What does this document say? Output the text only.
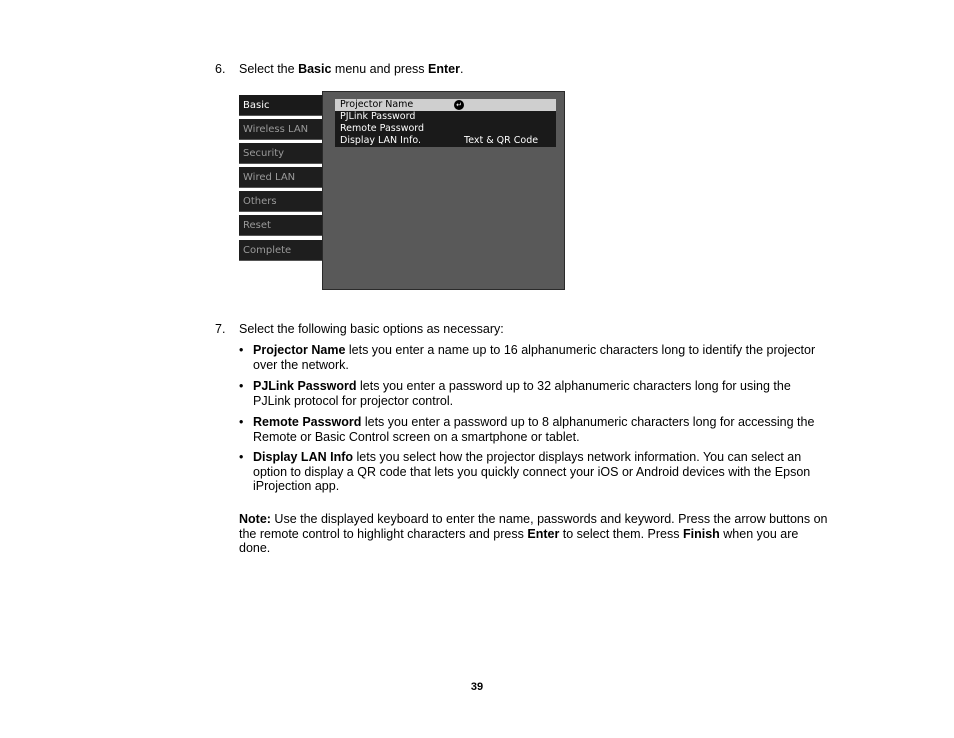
6. Select the Basic menu and press Enter.
Basic
Wireless LAN
Security
Wired LAN
Others
Reset
Complete
Projector Name	↵
PJLink Password
Remote Password
Display LAN Info.	Text & QR Code
7. Select the following basic options as necessary:
• Projector Name lets you enter a name up to 16 alphanumeric characters long to identify the projector over the network.
• PJLink Password lets you enter a password up to 32 alphanumeric characters long for using the PJLink protocol for projector control.
• Remote Password lets you enter a password up to 8 alphanumeric characters long for accessing the Remote or Basic Control screen on a smartphone or tablet.
• Display LAN Info lets you select how the projector displays network information. You can select an option to display a QR code that lets you quickly connect your iOS or Android devices with the Epson iProjection app.
Note: Use the displayed keyboard to enter the name, passwords and keyword. Press the arrow buttons on the remote control to highlight characters and press Enter to select them. Press Finish when you are done.
39
